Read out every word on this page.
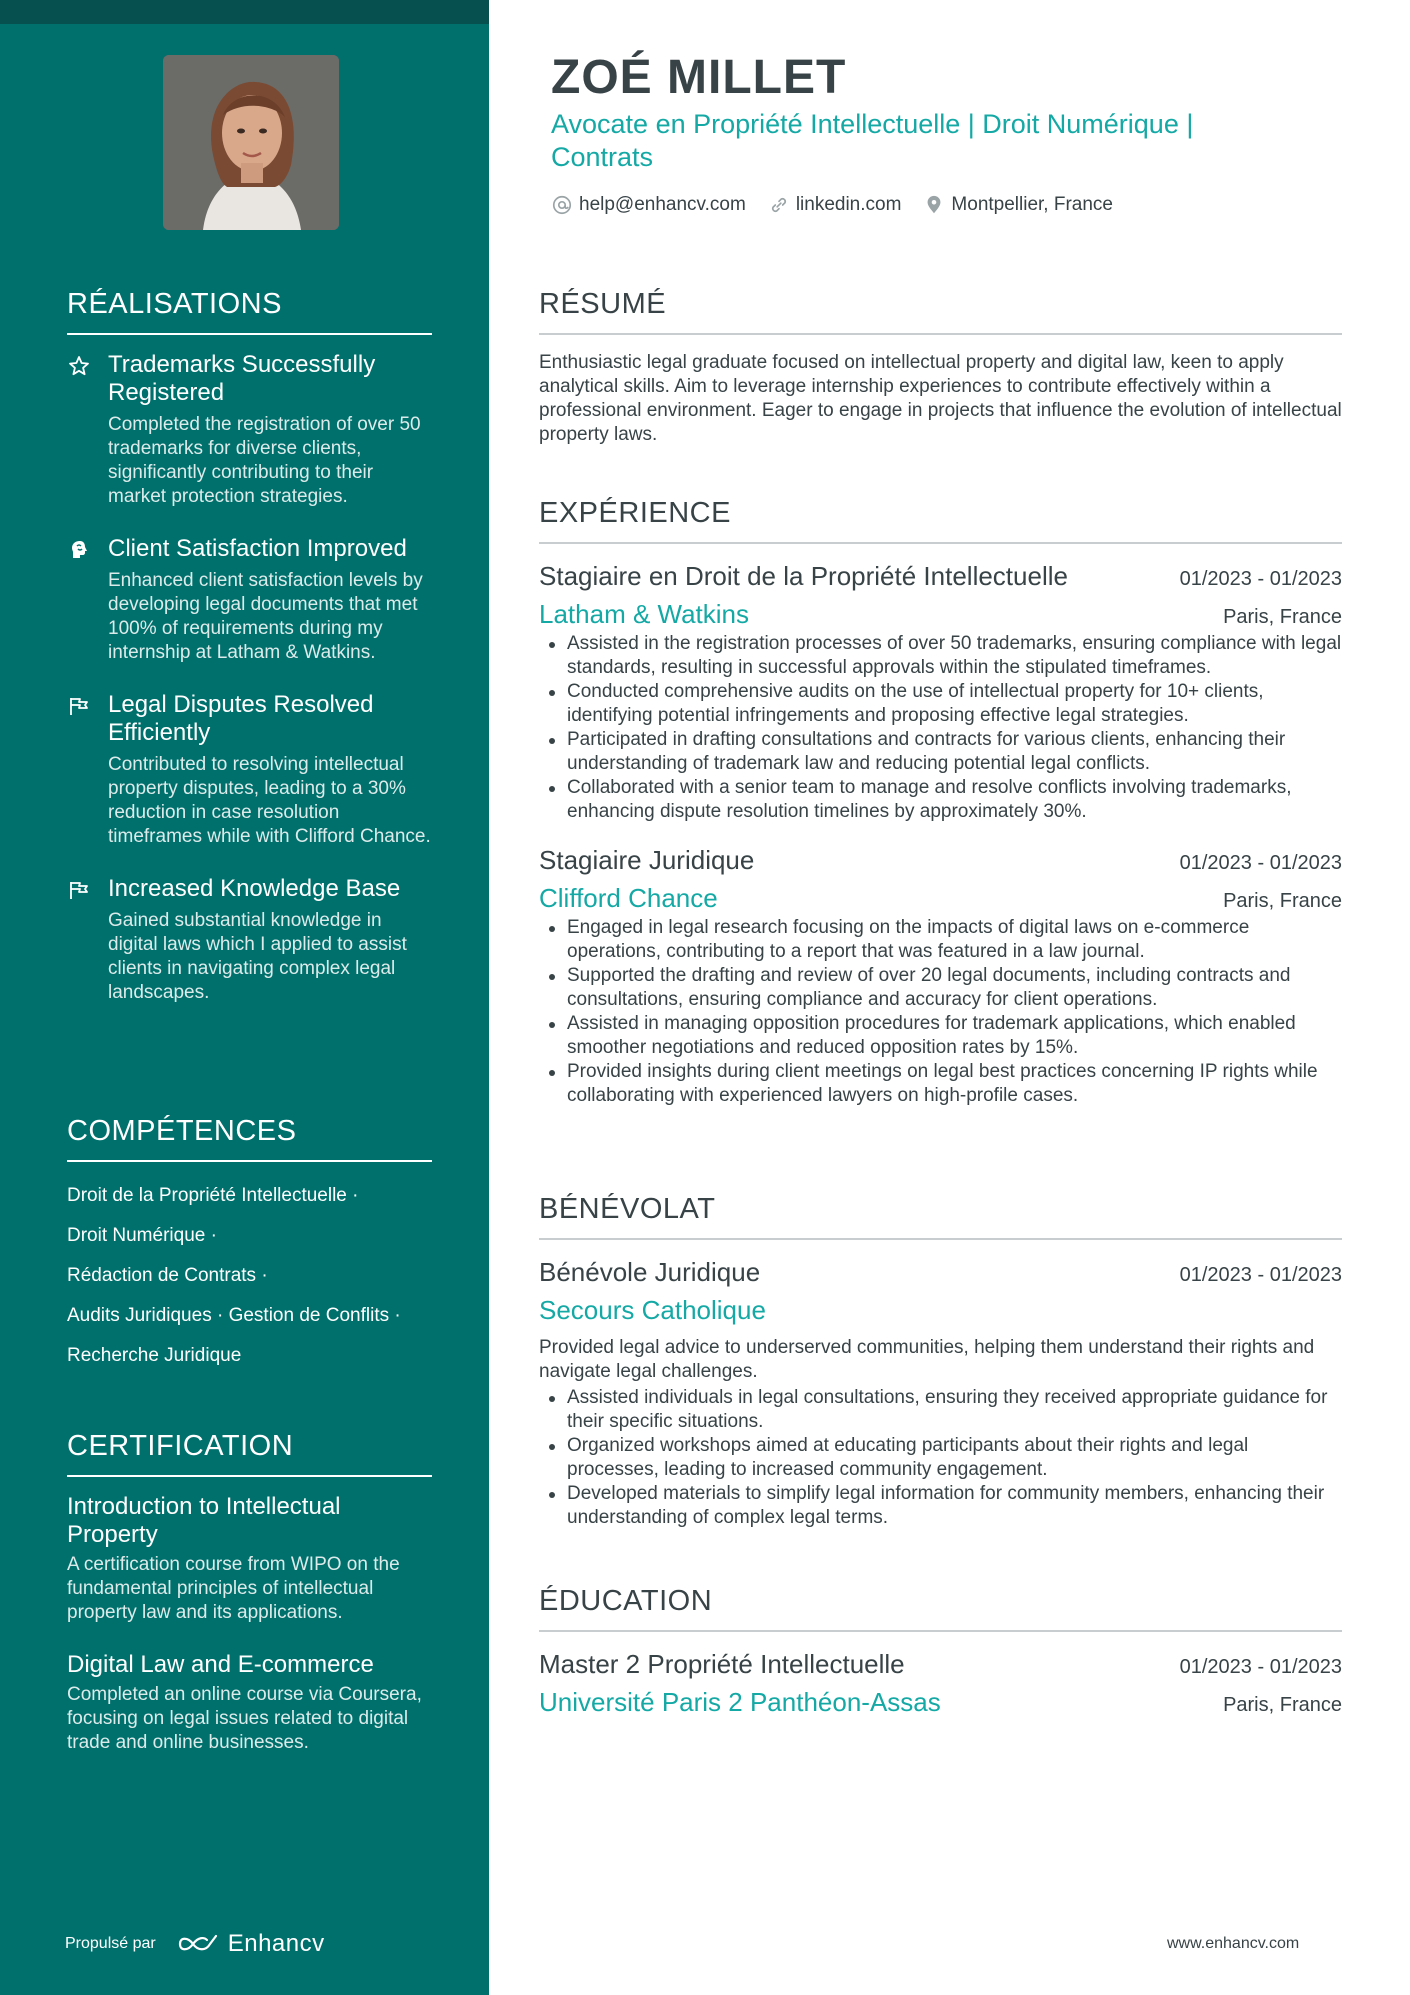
RÉALISATIONS
Trademarks Successfully Registered
Completed the registration of over 50 trademarks for diverse clients, significantly contributing to their market protection strategies.
Client Satisfaction Improved
Enhanced client satisfaction levels by developing legal documents that met 100% of requirements during my internship at Latham & Watkins.
Legal Disputes Resolved Efficiently
Contributed to resolving intellectual property disputes, leading to a 30% reduction in case resolution timeframes while with Clifford Chance.
Increased Knowledge Base
Gained substantial knowledge in digital laws which I applied to assist clients in navigating complex legal landscapes.
COMPÉTENCES
Droit de la Propriété Intellectuelle ·
Droit Numérique ·
Rédaction de Contrats ·
Audits Juridiques · Gestion de Conflits ·
Recherche Juridique
CERTIFICATION
Introduction to Intellectual Property
A certification course from WIPO on the fundamental principles of intellectual property law and its applications.
Digital Law and E-commerce
Completed an online course via Coursera, focusing on legal issues related to digital trade and online businesses.
Propulsé par	Enhancv
ZOÉ MILLET
Avocate en Propriété Intellectuelle | Droit Numérique | Contrats
help@enhancv.com	linkedin.com	Montpellier, France
RÉSUMÉ

Enthusiastic legal graduate focused on intellectual property and digital law, keen to apply analytical skills. Aim to leverage internship experiences to contribute effectively within a professional environment. Eager to engage in projects that influence the evolution of intellectual property laws.

EXPÉRIENCE
Stagiaire en Droit de la Propriété Intellectuelle	01/2023 - 01/2023
Latham & Watkins	Paris, France
Assisted in the registration processes of over 50 trademarks, ensuring compliance with legal standards, resulting in successful approvals within the stipulated timeframes.
Conducted comprehensive audits on the use of intellectual property for 10+ clients, identifying potential infringements and proposing effective legal strategies.
Participated in drafting consultations and contracts for various clients, enhancing their understanding of trademark law and reducing potential legal conflicts.
Collaborated with a senior team to manage and resolve conflicts involving trademarks, enhancing dispute resolution timelines by approximately 30%.
Stagiaire Juridique	01/2023 - 01/2023
Clifford Chance	Paris, France
Engaged in legal research focusing on the impacts of digital laws on e-commerce operations, contributing to a report that was featured in a law journal.
Supported the drafting and review of over 20 legal documents, including contracts and consultations, ensuring compliance and accuracy for client operations.
Assisted in managing opposition procedures for trademark applications, which enabled smoother negotiations and reduced opposition rates by 15%.
Provided insights during client meetings on legal best practices concerning IP rights while collaborating with experienced lawyers on high-profile cases.
BÉNÉVOLAT
Bénévole Juridique	01/2023 - 01/2023
Secours Catholique

Provided legal advice to underserved communities, helping them understand their rights and navigate legal challenges.

Assisted individuals in legal consultations, ensuring they received appropriate guidance for their specific situations.
Organized workshops aimed at educating participants about their rights and legal processes, leading to increased community engagement.
Developed materials to simplify legal information for community members, enhancing their understanding of complex legal terms.
ÉDUCATION
Master 2 Propriété Intellectuelle	01/2023 - 01/2023
Université Paris 2 Panthéon-Assas	Paris, France
www.enhancv.com
